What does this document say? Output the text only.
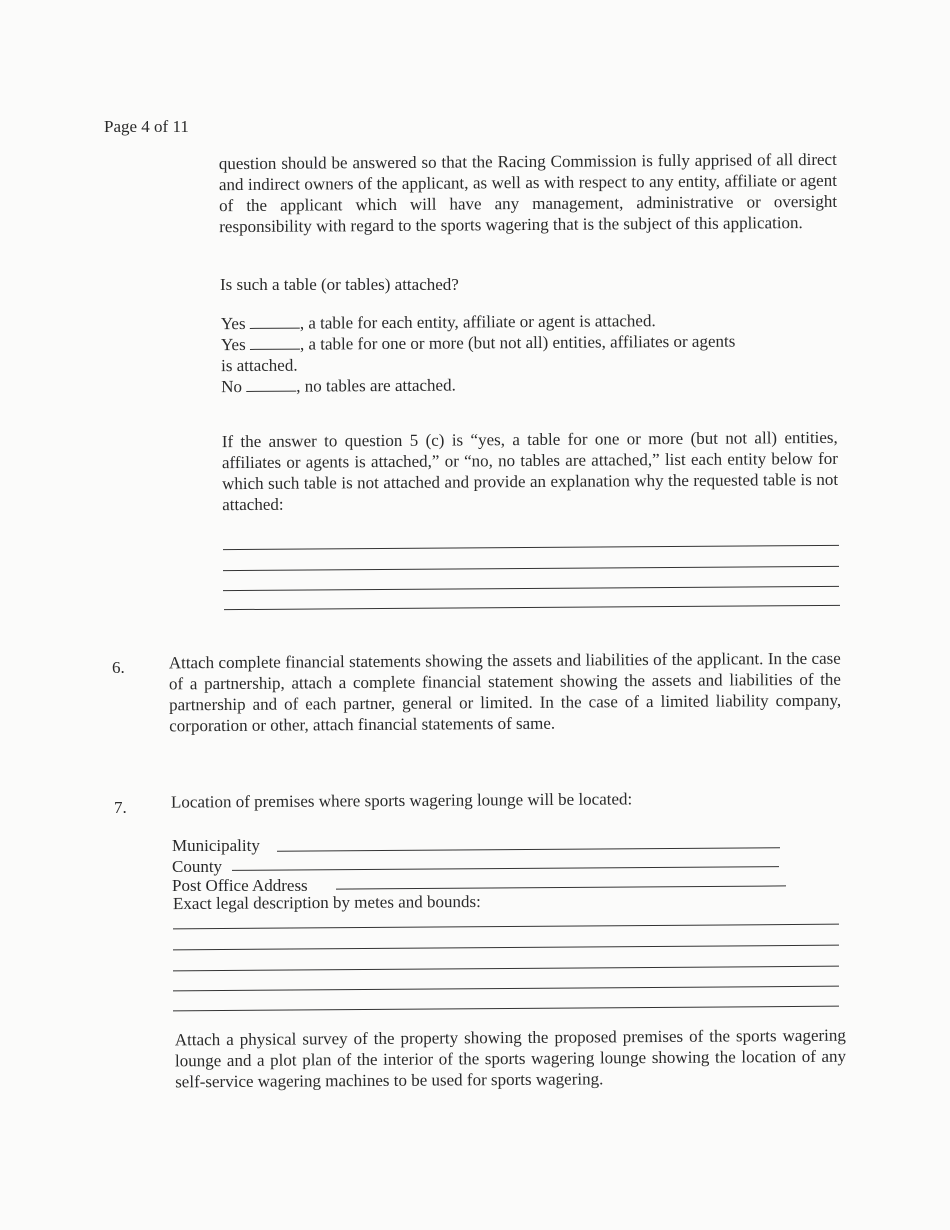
Page 4 of 11

question should be answered so that the Racing Commission is fully apprised of all direct and indirect owners of the applicant, as well as with respect to any entity, affiliate or agent of the applicant which will have any management, administrative or oversight responsibility with regard to the sports wagering that is the subject of this application.

Is such a table (or tables) attached?
Yes	, a table for each entity, affiliate or agent is attached.
Yes	, a table for one or more (but not all) entities, affiliates or agents
is attached.
No	, no tables are attached.

If the answer to question 5 (c) is “yes, a table for one or more (but not all) entities, affiliates or agents is attached,” or “no, no tables are attached,” list each entity below for which such table is not attached and provide an explanation why the requested table is not attached:

6.	Attach complete financial statements showing the assets and liabilities of the applicant. In the case of a partnership, attach a complete financial statement showing the assets and liabilities of the partnership and of each partner, general or limited. In the case of a limited liability company, corporation or other, attach financial statements of same.

7.	Location of premises where sports wagering lounge will be located:
Municipality
County
Post Office Address
Exact legal description by metes and bounds:

Attach a physical survey of the property showing the proposed premises of the sports wagering lounge and a plot plan of the interior of the sports wagering lounge showing the location of any self-service wagering machines to be used for sports wagering.
